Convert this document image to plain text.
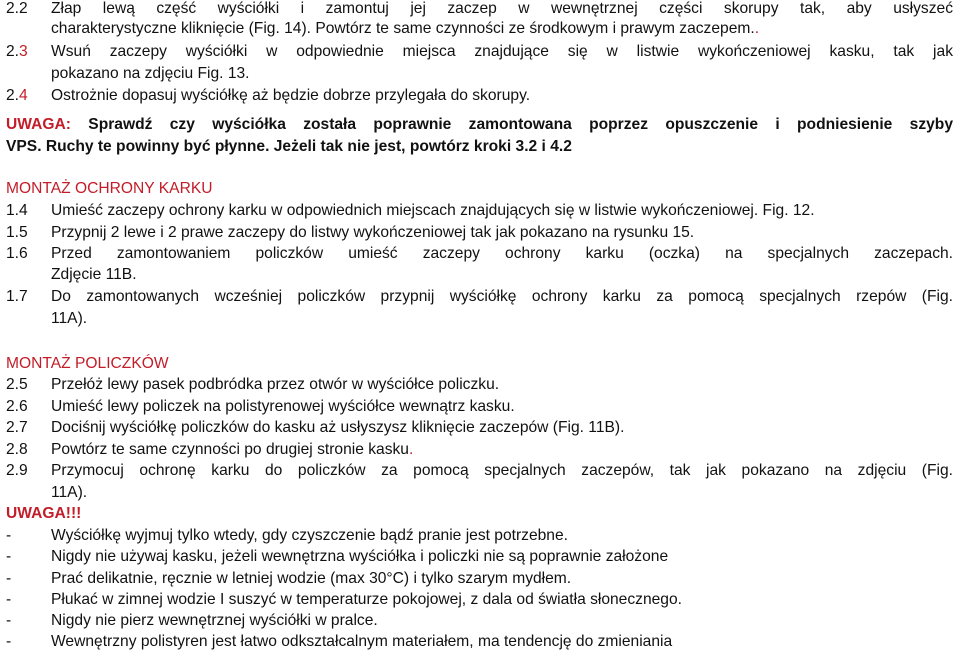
2.2 Złap lewą część wyściółki i zamontuj jej zaczep w wewnętrznej części skorupy tak, aby usłyszeć
charakterystyczne kliknięcie (Fig. 14). Powtórz te same czynności ze środkowym i prawym zaczepem..
2.3 Wsuń zaczepy wyściółki w odpowiednie miejsca znajdujące się w listwie wykończeniowej kasku, tak jak
pokazano na zdjęciu Fig. 13.
2.4 Ostrożnie dopasuj wyściółkę aż będzie dobrze przylegała do skorupy.
UWAGA: Sprawdź czy wyściółka została poprawnie zamontowana poprzez opuszczenie i podniesienie szyby
VPS. Ruchy te powinny być płynne. Jeżeli tak nie jest, powtórz kroki 3.2 i 4.2
MONTAŻ OCHRONY KARKU
1.4 Umieść zaczepy ochrony karku w odpowiednich miejscach znajdujących się w listwie wykończeniowej. Fig. 12.
1.5 Przypnij 2 lewe i 2 prawe zaczepy do listwy wykończeniowej tak jak pokazano na rysunku 15.
1.6 Przed zamontowaniem policzków umieść zaczepy ochrony karku (oczka) na specjalnych zaczepach.
Zdjęcie 11B.
1.7 Do zamontowanych wcześniej policzków przypnij wyściółkę ochrony karku za pomocą specjalnych rzepów (Fig.
11A).
MONTAŻ POLICZKÓW
2.5 Przełóż lewy pasek podbródka przez otwór w wyściółce policzku.
2.6 Umieść lewy policzek na polistyrenowej wyściółce wewnątrz kasku.
2.7 Dociśnij wyściółkę policzków do kasku aż usłyszysz kliknięcie zaczepów (Fig. 11B).
2.8 Powtórz te same czynności po drugiej stronie kasku.
2.9 Przymocuj ochronę karku do policzków za pomocą specjalnych zaczepów, tak jak pokazano na zdjęciu (Fig.
11A).
UWAGA!!!
-	Wyściółkę wyjmuj tylko wtedy, gdy czyszczenie bądź pranie jest potrzebne.
-	Nigdy nie używaj kasku, jeżeli wewnętrzna wyściółka i policzki nie są poprawnie założone
-	Prać delikatnie, ręcznie w letniej wodzie (max 30°C) i tylko szarym mydłem.
-	Płukać w zimnej wodzie I suszyć w temperaturze pokojowej, z dala od światła słonecznego.
-	Nigdy nie pierz wewnętrznej wyściółki w pralce.
-	Wewnętrzny polistyren jest łatwo odkształcalnym materiałem, ma tendencję do zmieniania
